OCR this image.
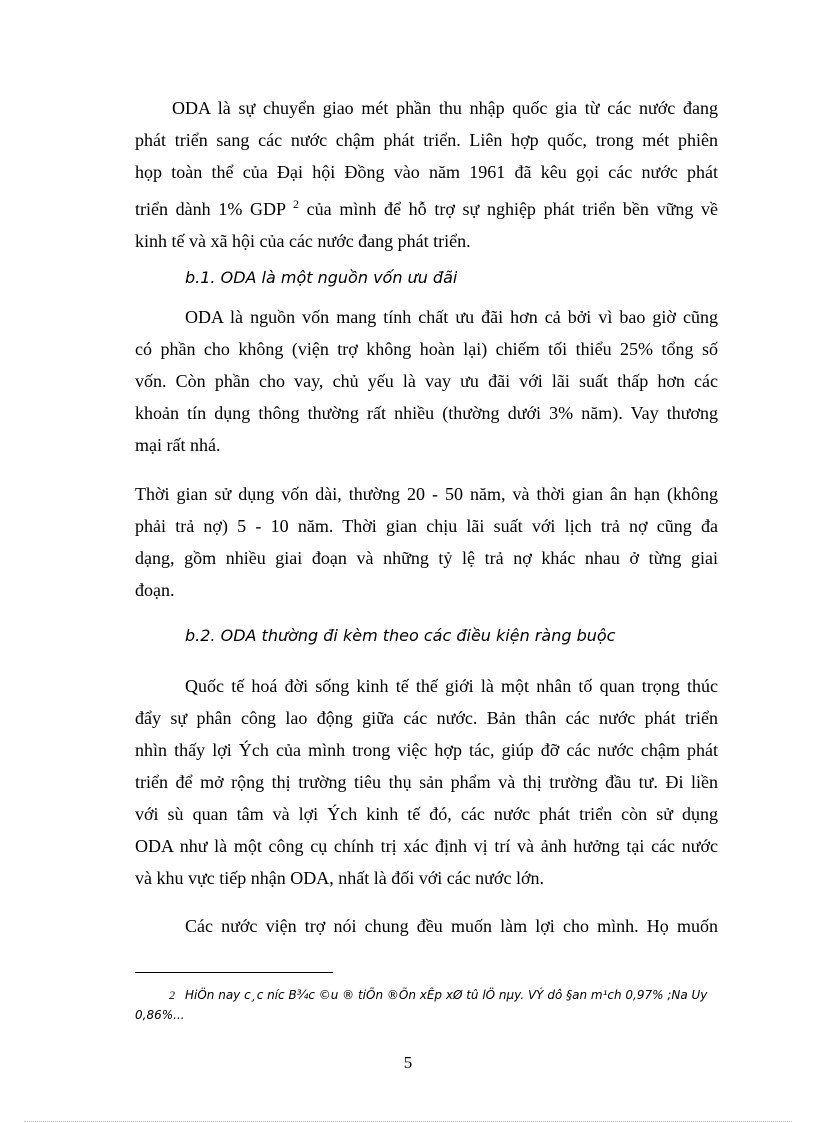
ODA là sự chuyển giao mét phần thu nhập quốc gia từ các nước đang
phát triển sang các nước chậm phát triển. Liên hợp quốc, trong mét phiên
họp toàn thể của Đại hội Đồng vào năm 1961 đã kêu gọi các nước phát
triển dành 1% GDP $^2$ của mình để hỗ trợ sự nghiệp phát triển bền vững về
kinh tế và xã hội của các nước đang phát triển.
b.1. ODA là một nguồn vốn ưu đãi
ODA là nguồn vốn mang tính chất ưu đãi hơn cả bởi vì bao giờ cũng
có phần cho không (viện trợ không hoàn lại) chiếm tối thiểu 25% tổng số
vốn. Còn phần cho vay, chủ yếu là vay ưu đãi với lãi suất thấp hơn các
khoản tín dụng thông thường rất nhiều (thường dưới 3% năm). Vay thương
mại rất nhá.
Thời gian sử dụng vốn dài, thường 20 - 50 năm, và thời gian ân hạn (không
phải trả nợ) 5 - 10 năm. Thời gian chịu lãi suất với lịch trả nợ cũng đa
dạng, gồm nhiều giai đoạn và những tỷ lệ trả nợ khác nhau ở từng giai
đoạn.
b.2. ODA thường đi kèm theo các điều kiện ràng buộc
Quốc tế hoá đời sống kinh tế thế giới là một nhân tố quan trọng thúc
đẩy sự phân công lao động giữa các nước. Bản thân các nước phát triển
nhìn thấy lợi Ých của mình trong việc hợp tác, giúp đỡ các nước chậm phát
triển để mở rộng thị trường tiêu thụ sản phẩm và thị trường đầu tư. Đi liền
với sù quan tâm và lợi Ých kinh tế đó, các nước phát triển còn sử dụng
ODA như là một công cụ chính trị xác định vị trí và ảnh hưởng tại các nước
và khu vực tiếp nhận ODA, nhất là đối với các nước lớn.
Các nước viện trợ nói chung đều muốn làm lợi cho mình. Họ muốn
2 HiÖn nay c¸c níc B¾c ©u ® tiÕn ®Õn xÊp xØ tû lÖ nµy. VÝ dô §an m¹ch 0,97% ;Na Uy
0,86%...
5
